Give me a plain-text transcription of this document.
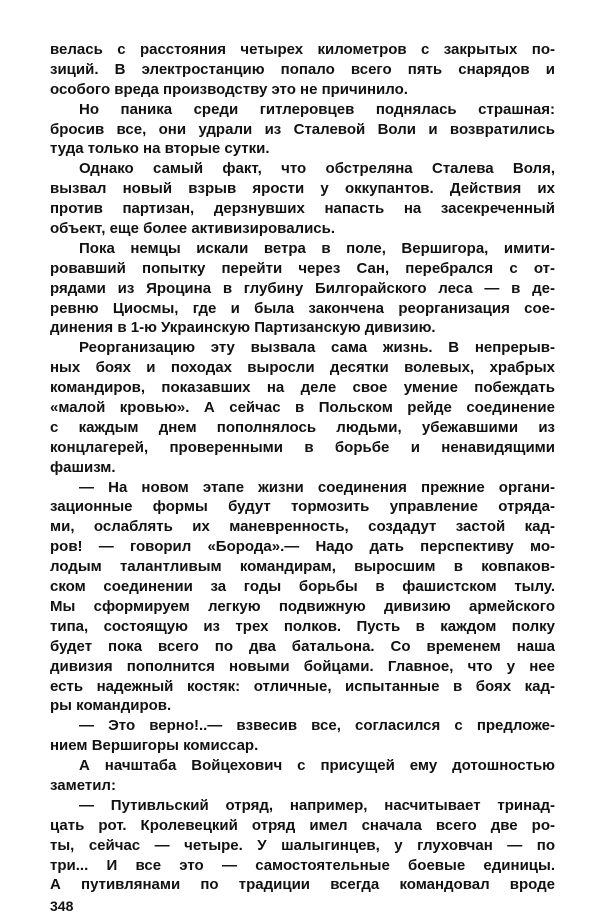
велась с расстояния четырех километров с закрытых по-
зиций. В электростанцию попало всего пять снарядов и
особого вреда производству это не причинило.
Но паника среди гитлеровцев поднялась страшная:
бросив все, они удрали из Сталевой Воли и возвратились
туда только на вторые сутки.
Однако самый факт, что обстреляна Сталева Воля,
вызвал новый взрыв ярости у оккупантов. Действия их
против партизан, дерзнувших напасть на засекреченный
объект, еще более активизировались.
Пока немцы искали ветра в поле, Вершигора, имити-
ровавший попытку перейти через Сан, перебрался с от-
рядами из Яроцина в глубину Билгорайского леса — в де-
ревню Циосмы, где и была закончена реорганизация сое-
динения в 1-ю Украинскую Партизанскую дивизию.
Реорганизацию эту вызвала сама жизнь. В непрерыв-
ных боях и походах выросли десятки волевых, храбрых
командиров, показавших на деле свое умение побеждать
«малой кровью». А сейчас в Польском рейде соединение
с каждым днем пополнялось людьми, убежавшими из
концлагерей, проверенными в борьбе и ненавидящими
фашизм.
— На новом этапе жизни соединения прежние органи-
зационные формы будут тормозить управление отряда-
ми, ослаблять их маневренность, создадут застой кад-
ров! — говорил «Борода».— Надо дать перспективу мо-
лодым талантливым командирам, выросшим в ковпаков-
ском соединении за годы борьбы в фашистском тылу.
Мы сформируем легкую подвижную дивизию армейского
типа, состоящую из трех полков. Пусть в каждом полку
будет пока всего по два батальона. Со временем наша
дивизия пополнится новыми бойцами. Главное, что у нее
есть надежный костяк: отличные, испытанные в боях кад-
ры командиров.
— Это верно!..— взвесив все, согласился с предложе-
нием Вершигоры комиссар.
А начштаба Войцехович с присущей ему дотошностью
заметил:
— Путивльский отряд, например, насчитывает тринад-
цать рот. Кролевецкий отряд имел сначала всего две ро-
ты, сейчас — четыре. У шалыгинцев, у глуховчан — по
три... И все это — самостоятельные боевые единицы.
А путивлянами по традиции всегда командовал вроде
348
